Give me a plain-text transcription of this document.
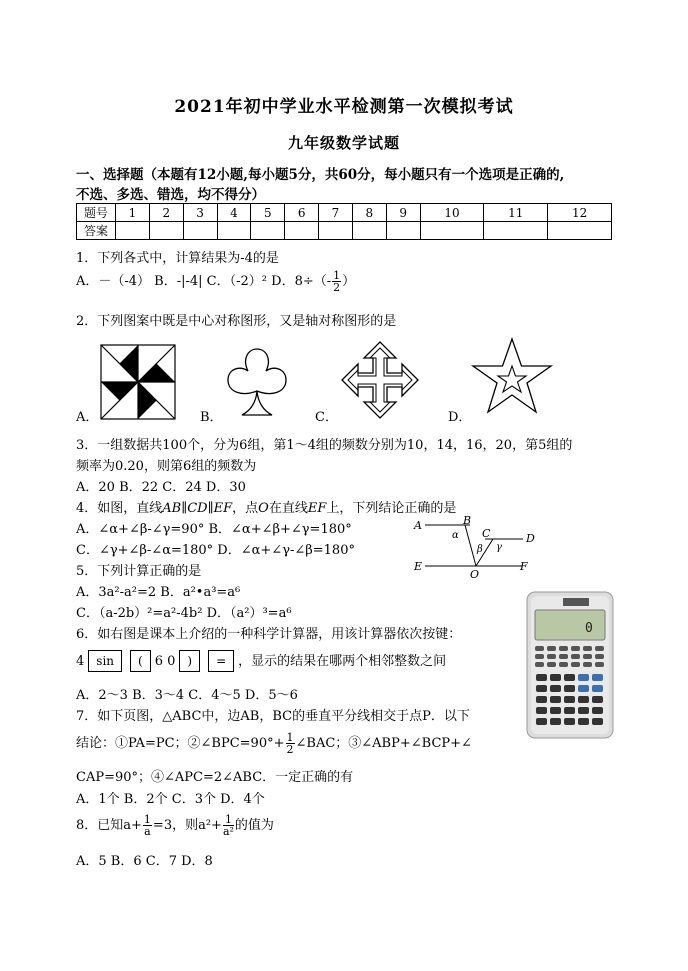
2021年初中学业水平检测第一次模拟考试
九年级数学试题
一、选择题（本题有12小题,每小题5分，共60分，每小题只有一个选项是正确的,
不选、多选、错选，均不得分）
题号	1	2	3	4	5	6	7	8	9	10	11	12
答案												
1．下列各式中，计算结果为-4的是
A．－（-4） B．-|-4| C．（-2）² D．$8\div(- \frac{1}{2}$ ）
2．下列图案中既是中心对称图形，又是轴对称图形的是
A．	B．	C．	D．
3．一组数据共100个，分为6组，第1～4组的频数分别为10，14，16，20，第5组的
频率为0.20，则第6组的频数为
A．20 B．22 C．24 D．30
4．如图，直线AB∥CD∥EF，点O在直线EF上，下列结论正确的是
A．∠α+∠β-∠γ=90° B．∠α+∠β+∠γ=180°
C．∠γ+∠β-∠α=180° D．∠α+∠γ-∠β=180°
A	B
C	D
E	F
O
α
β γ
5．下列计算正确的是
A．3a²-a²=2 B．a²•a³=a⁶
C．（a-2b）²=a²-4b² D．（a²）³=a⁶
6．如右图是课本上介绍的一种科学计算器，用该计算器依次按键：
4 sin ( 6 0 ) = ，显示的结果在哪两个相邻整数之间
A．2～3 B．3～4 C．4～5 D．5～6
0
7．如下页图，△ABC中，边AB，BC的垂直平分线相交于点P．以下
结论：①PA=PC；②∠BPC=90°+ $\frac{1}{2}$ ∠BAC；③∠ABP+∠BCP+∠
CAP=90°；④∠APC=2∠ABC．一定正确的有
A．1个 B．2个 C．3个 D．4个
8．已知$a+ \frac{1}{a} =3$，则$a^2+ \frac{1}{\text{a²}}$ 的值为
A．5 B．6 C．7 D．8
